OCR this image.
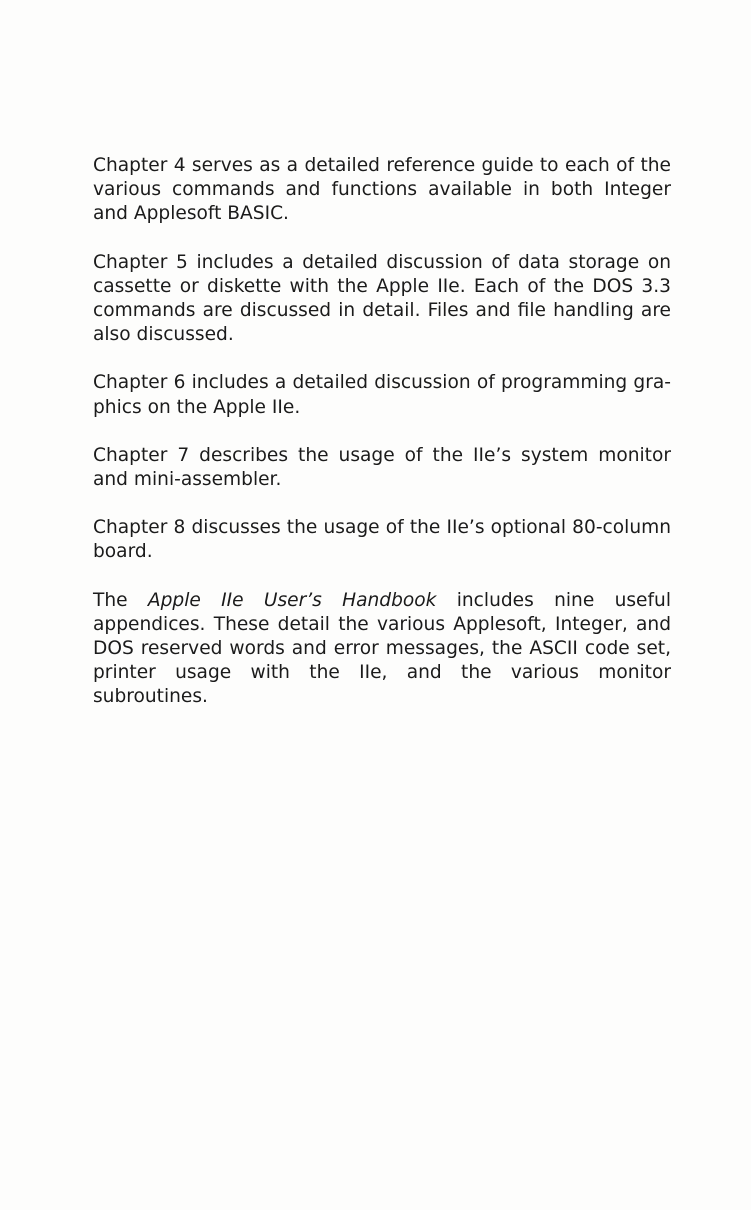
Chapter 4 serves as a detailed reference guide to each of the various commands and functions available in both Integer and Applesoft BASIC.

Chapter 5 includes a detailed discussion of data storage on cassette or diskette with the Apple IIe. Each of the DOS 3.3 commands are discussed in detail. Files and file handling are also discussed.

Chapter 6 includes a detailed discussion of programming graphics on the Apple IIe.

Chapter 7 describes the usage of the IIe’s system monitor and mini-assembler.

Chapter 8 discusses the usage of the IIe’s optional 80-column board.

The Apple IIe User’s Handbook includes nine useful appendices. These detail the various Applesoft, Integer, and DOS reserved words and error messages, the ASCII code set, printer usage with the IIe, and the various monitor subroutines.
